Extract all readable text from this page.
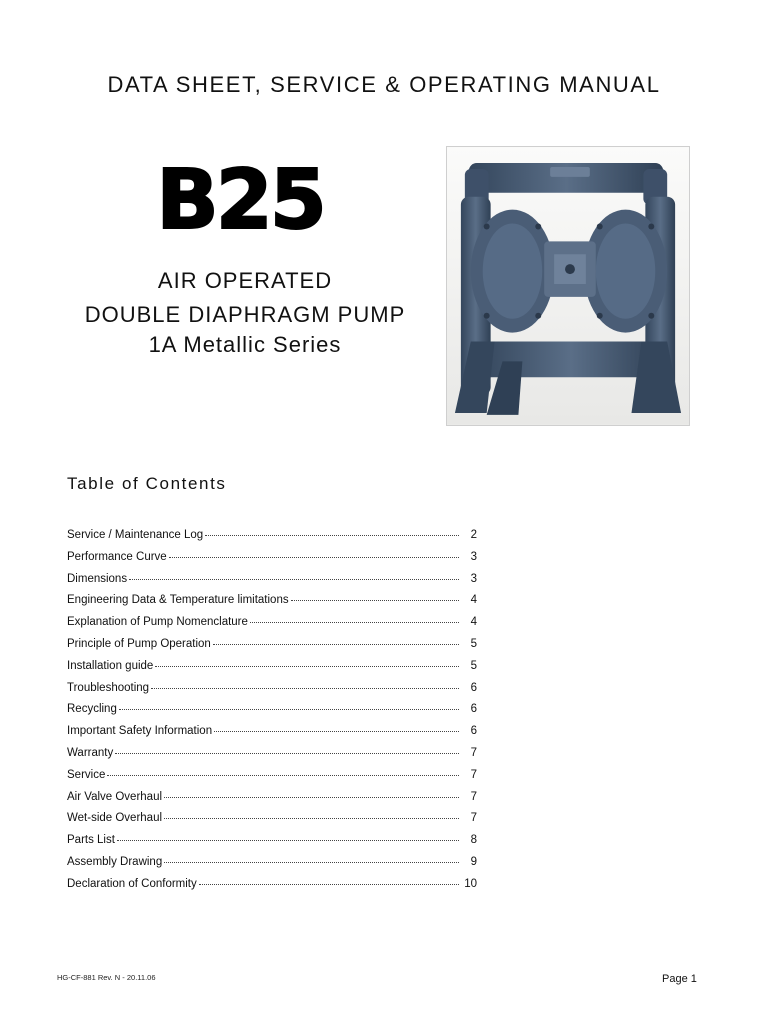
DATA SHEET, SERVICE & OPERATING MANUAL
B25
AIR OPERATED
DOUBLE DIAPHRAGM PUMP
1A Metallic Series
Table of Contents
Service / Maintenance Log	2
Performance Curve	3
Dimensions	3
Engineering Data & Temperature limitations	4
Explanation of Pump Nomenclature	4
Principle of Pump Operation	5
Installation guide	5
Troubleshooting	6
Recycling	6
Important Safety Information	6
Warranty	7
Service	7
Air Valve Overhaul	7
Wet-side Overhaul	7
Parts List	8
Assembly Drawing	9
Declaration of Conformity	10
HG-CF-881 Rev. N - 20.11.06	Page 1
